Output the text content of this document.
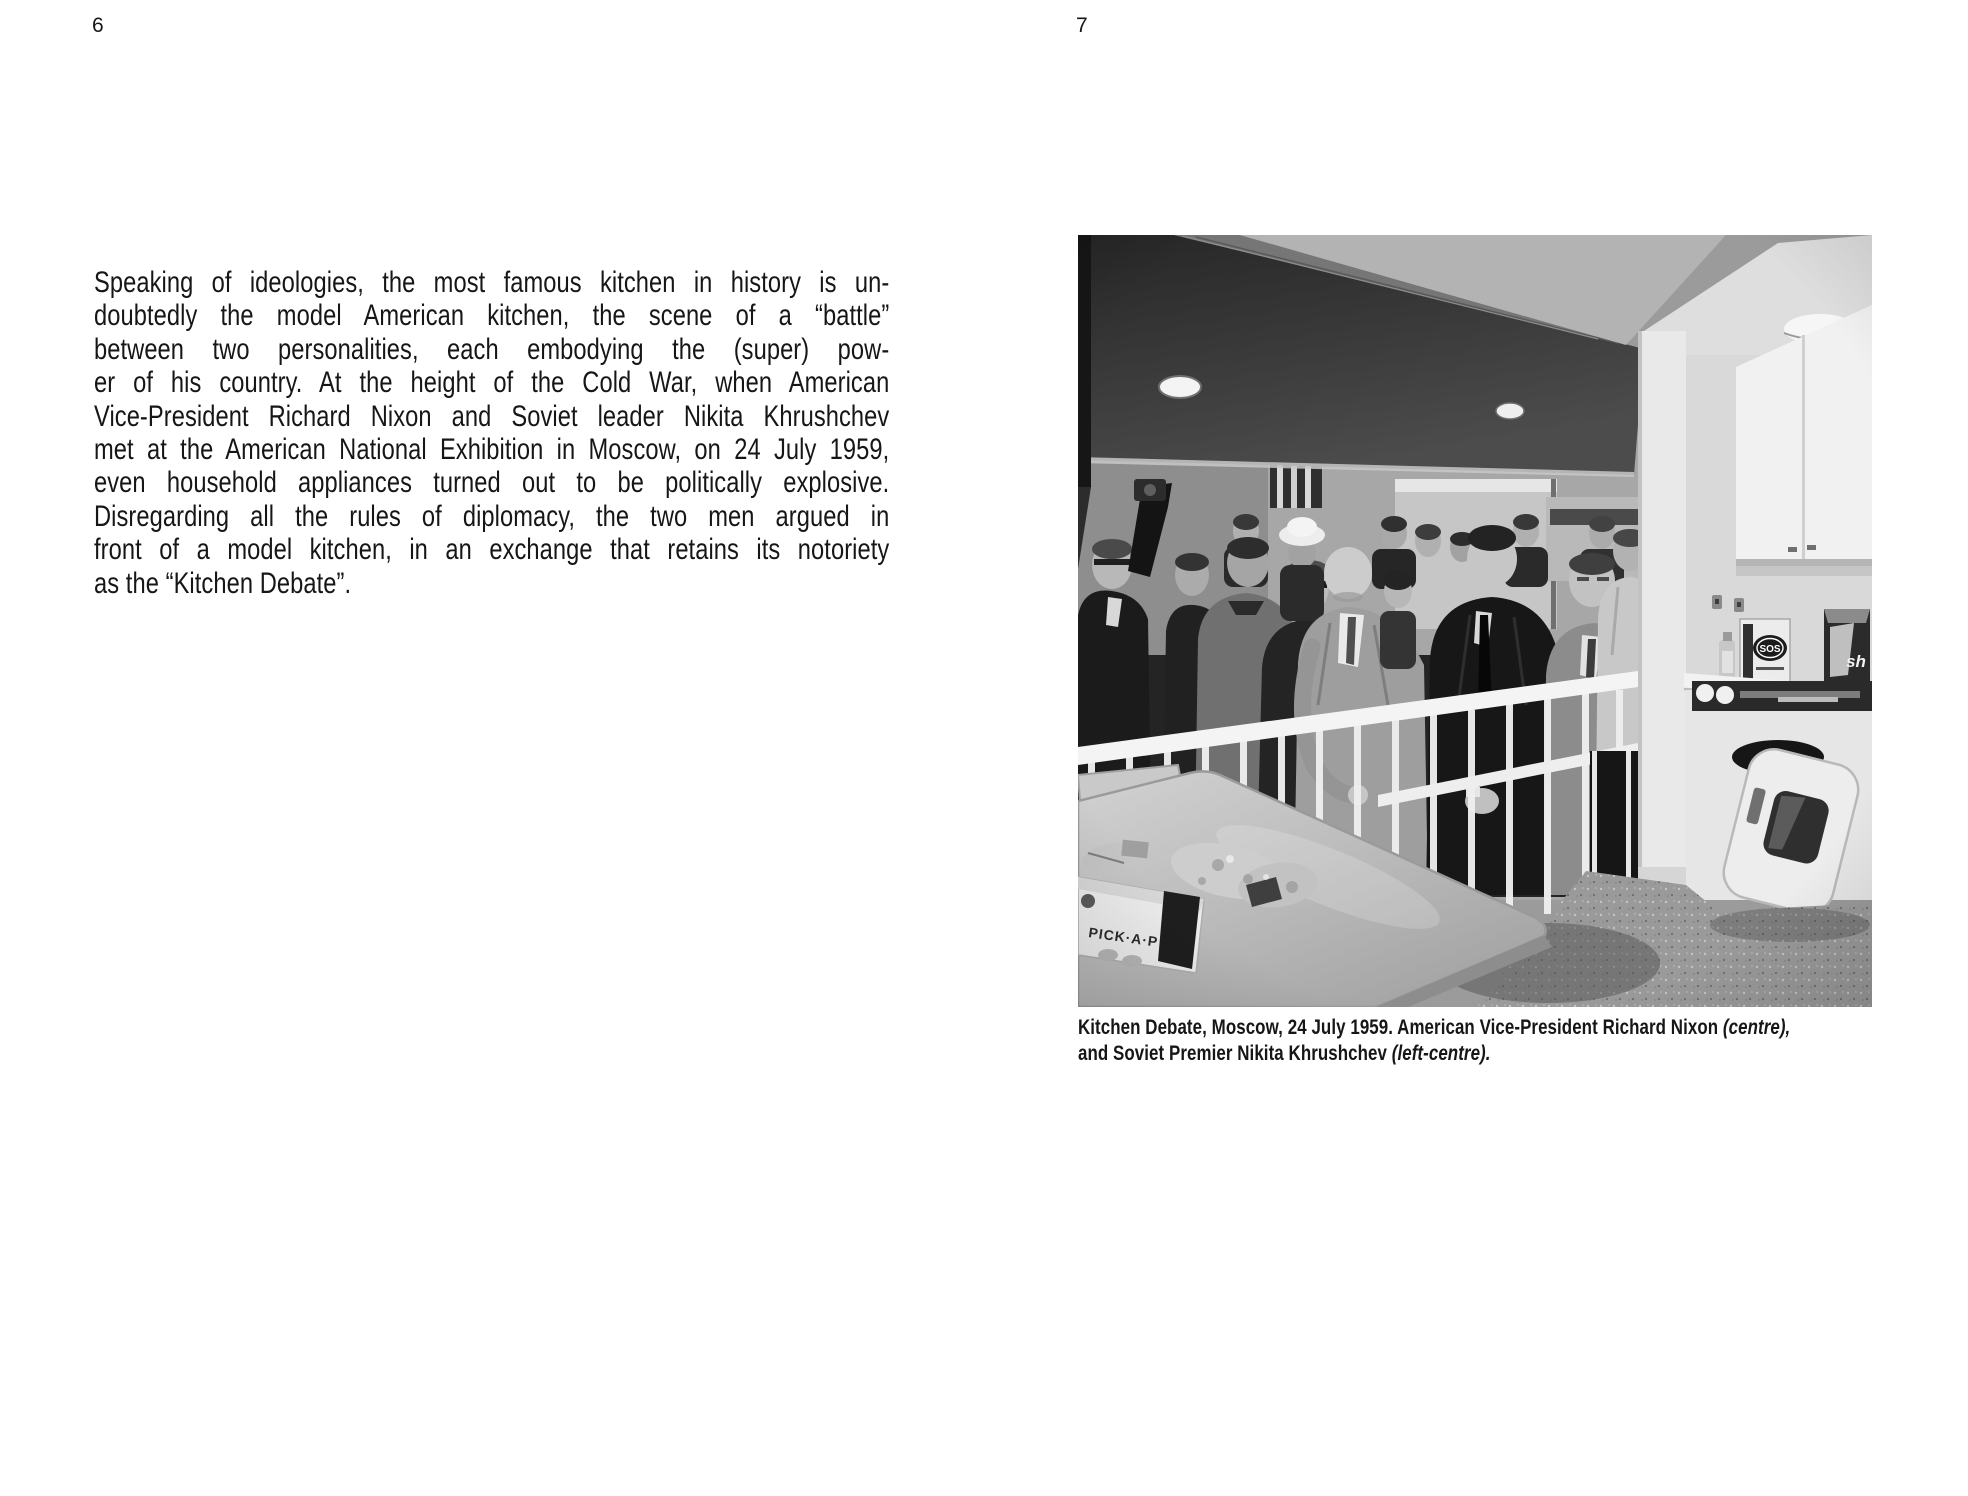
6	7
Speaking of ideologies, the most famous kitchen in history is un-
doubtedly the model American kitchen, the scene of a “battle”
between two personalities, each embodying the (super) pow-
er of his country. At the height of the Cold War, when American
Vice-President Richard Nixon and Soviet leader Nikita Khrushchev
met at the American National Exhibition in Moscow, on 24 July 1959,
even household appliances turned out to be politically explosive.
Disregarding all the rules of diplomacy, the two men argued in
front of a model kitchen, in an exchange that retains its notoriety
as the “Kitchen Debate”.
Kitchen Debate, Moscow, 24 July 1959. American Vice-President Richard Nixon (centre),
and Soviet Premier Nikita Khrushchev (left-centre).
